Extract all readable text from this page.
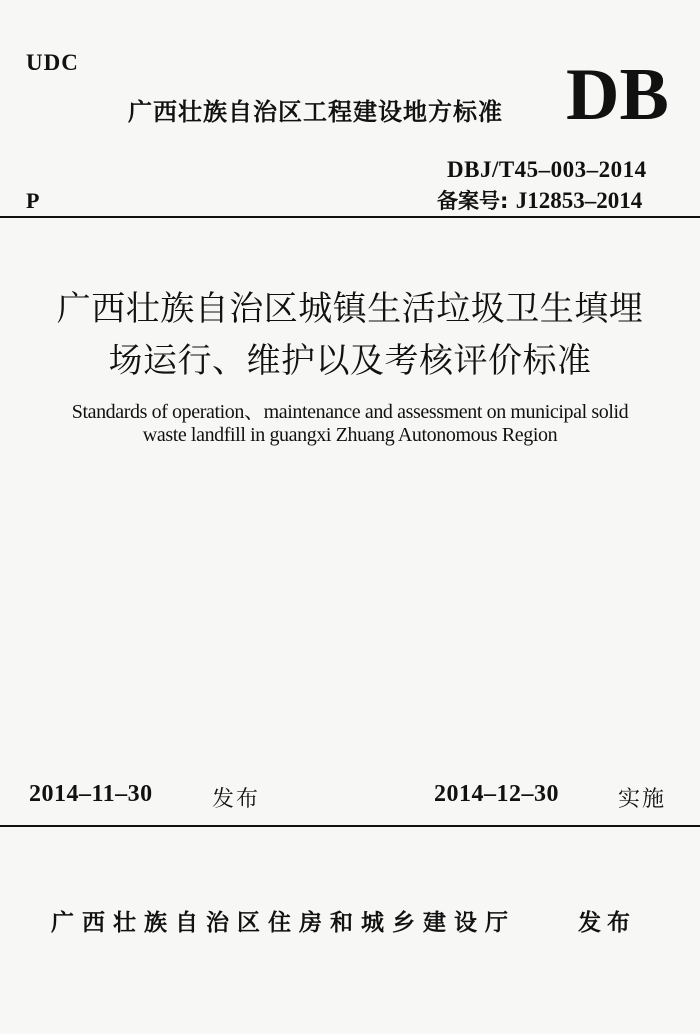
UDC
广西壮族自治区工程建设地方标准 DB
DBJ/T45–003–2014
备案号: J12853–2014
P
广西壮族自治区城镇生活垃圾卫生填埋
场运行、维护以及考核评价标准
Standards of operation、maintenance and assessment on municipal solid
waste landfill in guangxi Zhuang Autonomous Region
2014–11–30	发布	2014–12–30	实施
广西壮族自治区住房和城乡建设厅	发布
